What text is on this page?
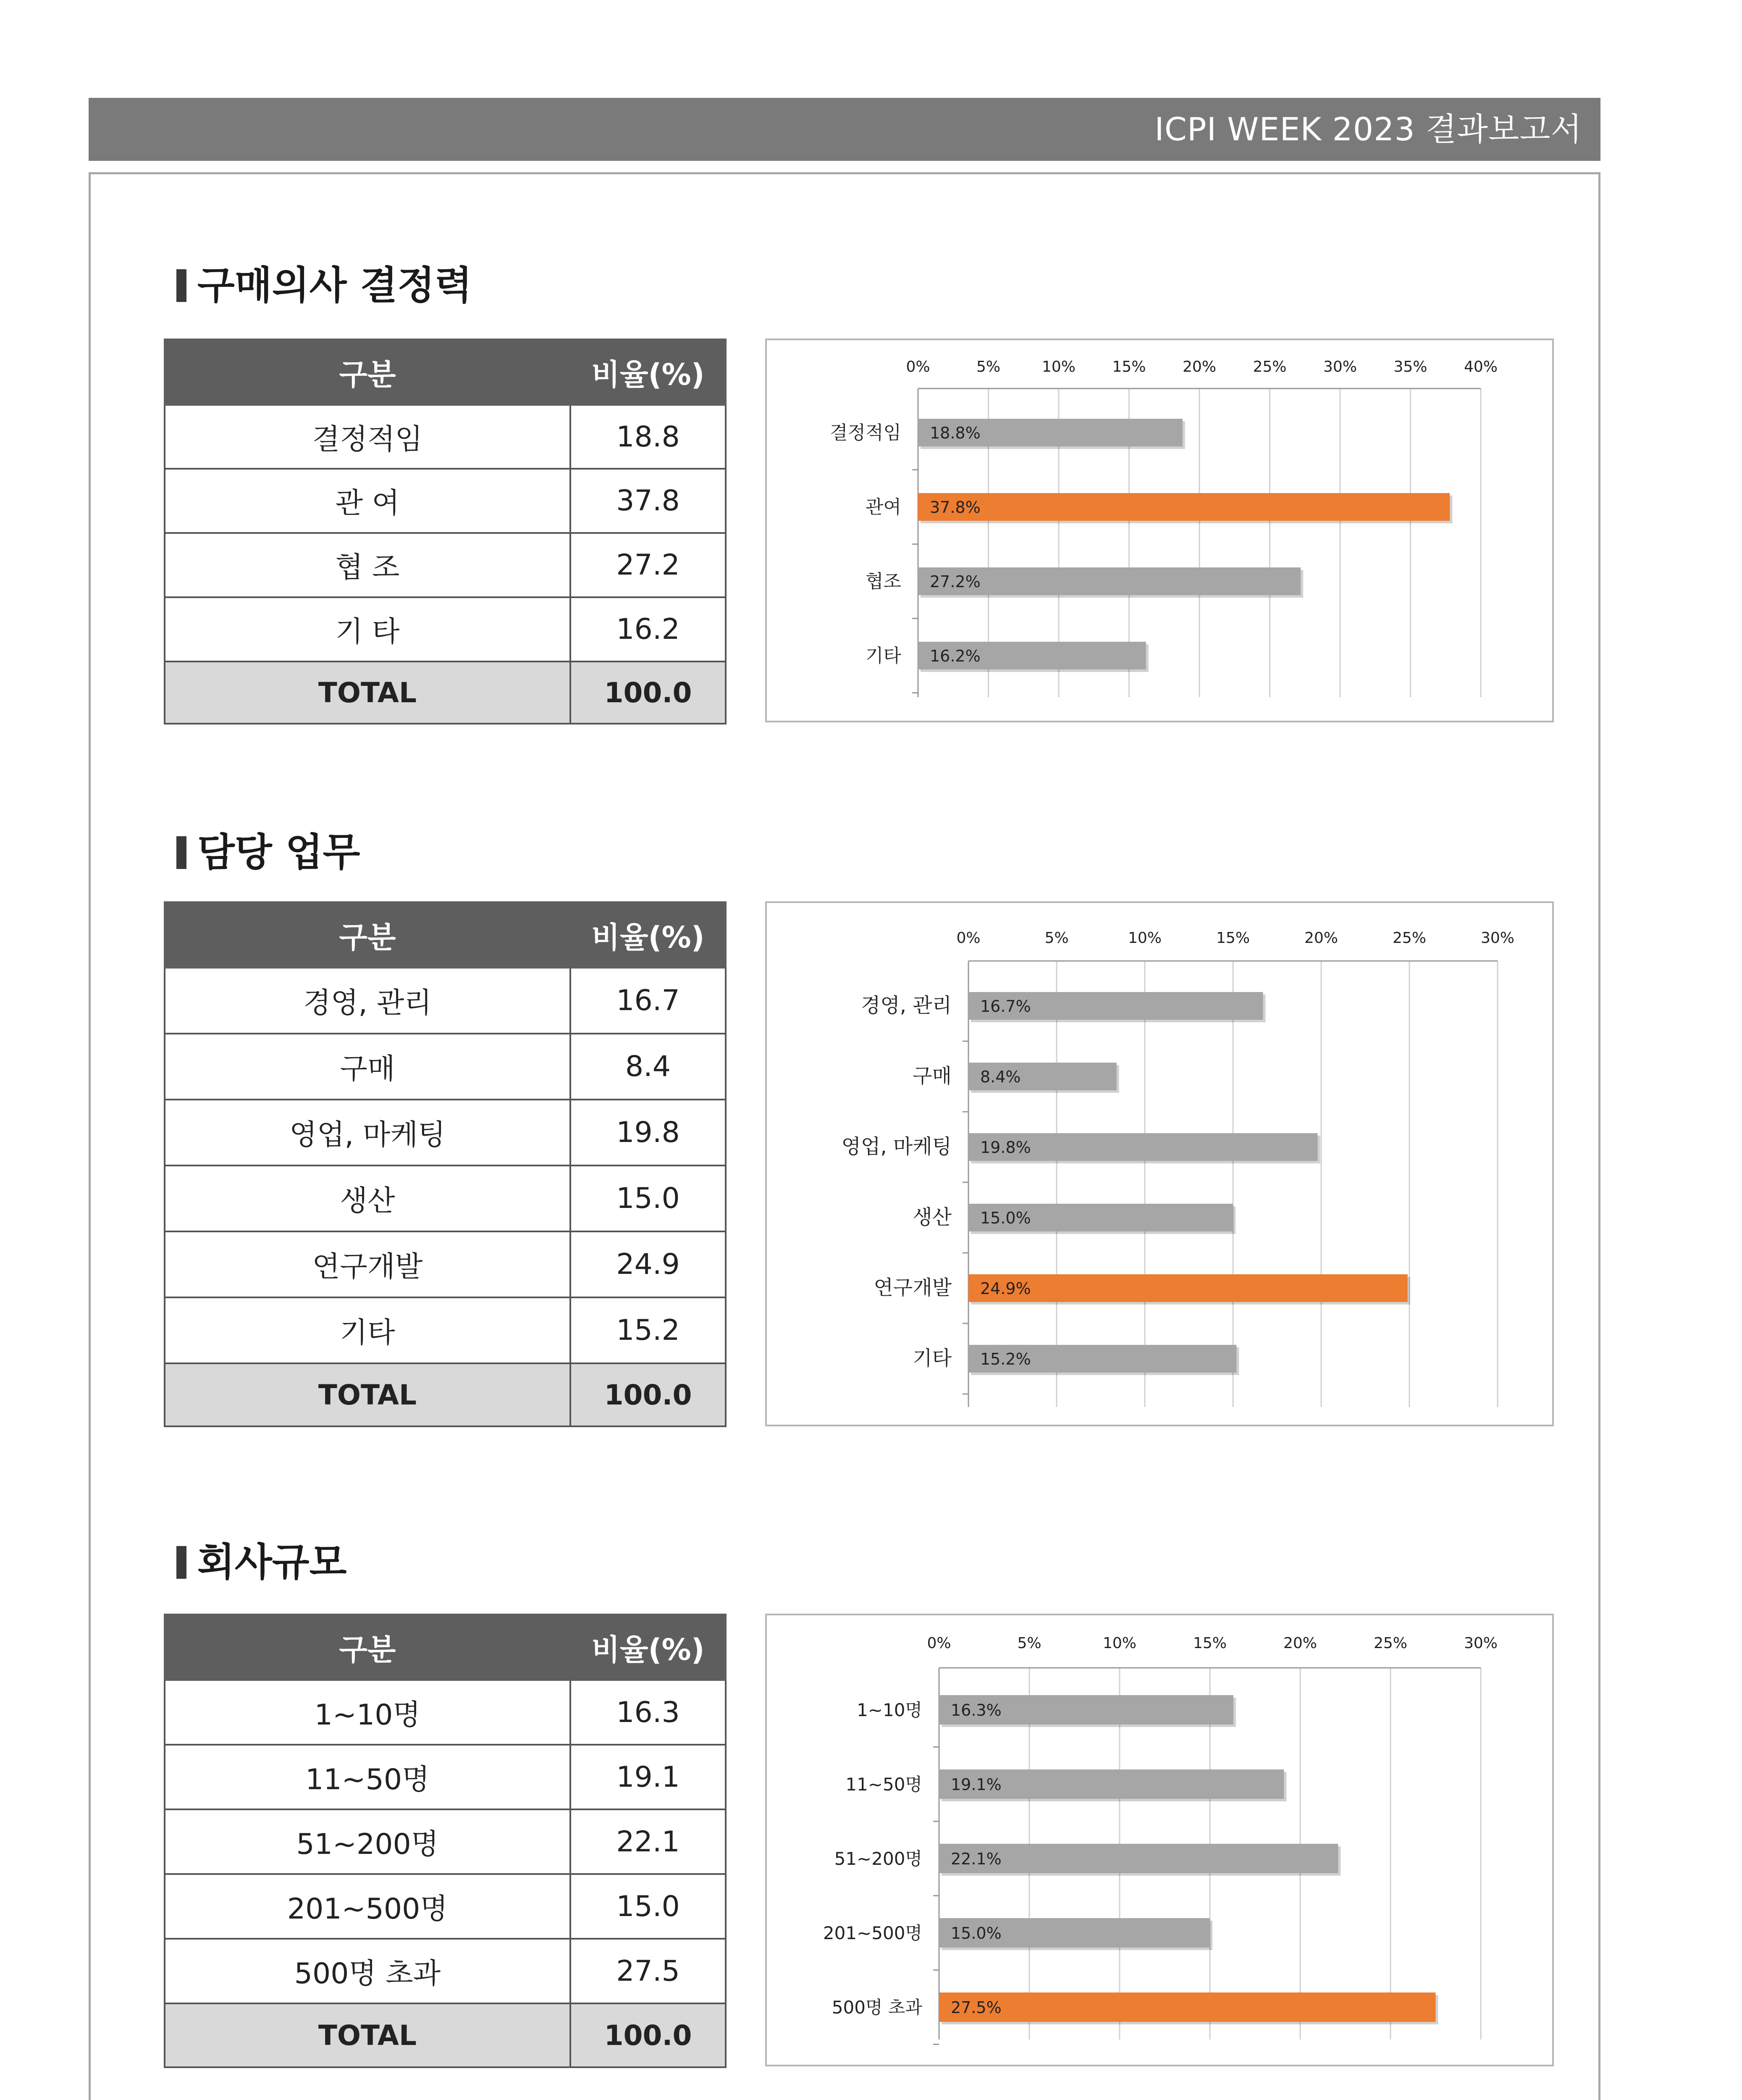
ICPI WEEK 2023 결과보고서
구매의사 결정력
구분	비율(%)
결정적임	18.8
관 여	37.8
협 조	27.2
기 타	16.2
TOTAL	100.0
0%	5%	10% 15% 20% 25% 30% 35% 40%
18.8%
결정적임
37.8%
관여
27.2%
협조
16.2%
기타
담당 업무
구분	비율(%)
경영, 관리	16.7
구매	8.4
영업, 마케팅	19.8
생산	15.0
연구개발	24.9
기타	15.2
TOTAL	100.0
0%	5%	10%	15%	20%	25%	30%
16.7%
경영, 관리
8.4%
구매
19.8%
영업, 마케팅
15.0%
생산
24.9%
연구개발
15.2%
기타
회사규모
구분	비율(%)
1~10명	16.3
11~50명	19.1
51~200명	22.1
201~500명	15.0
500명 초과	27.5
TOTAL	100.0
0%	5%	10%	15%	20%	25%	30%
16.3%
1~10명
19.1%
11~50명
22.1%
51~200명
15.0%
201~500명
27.5%
500명 초과
